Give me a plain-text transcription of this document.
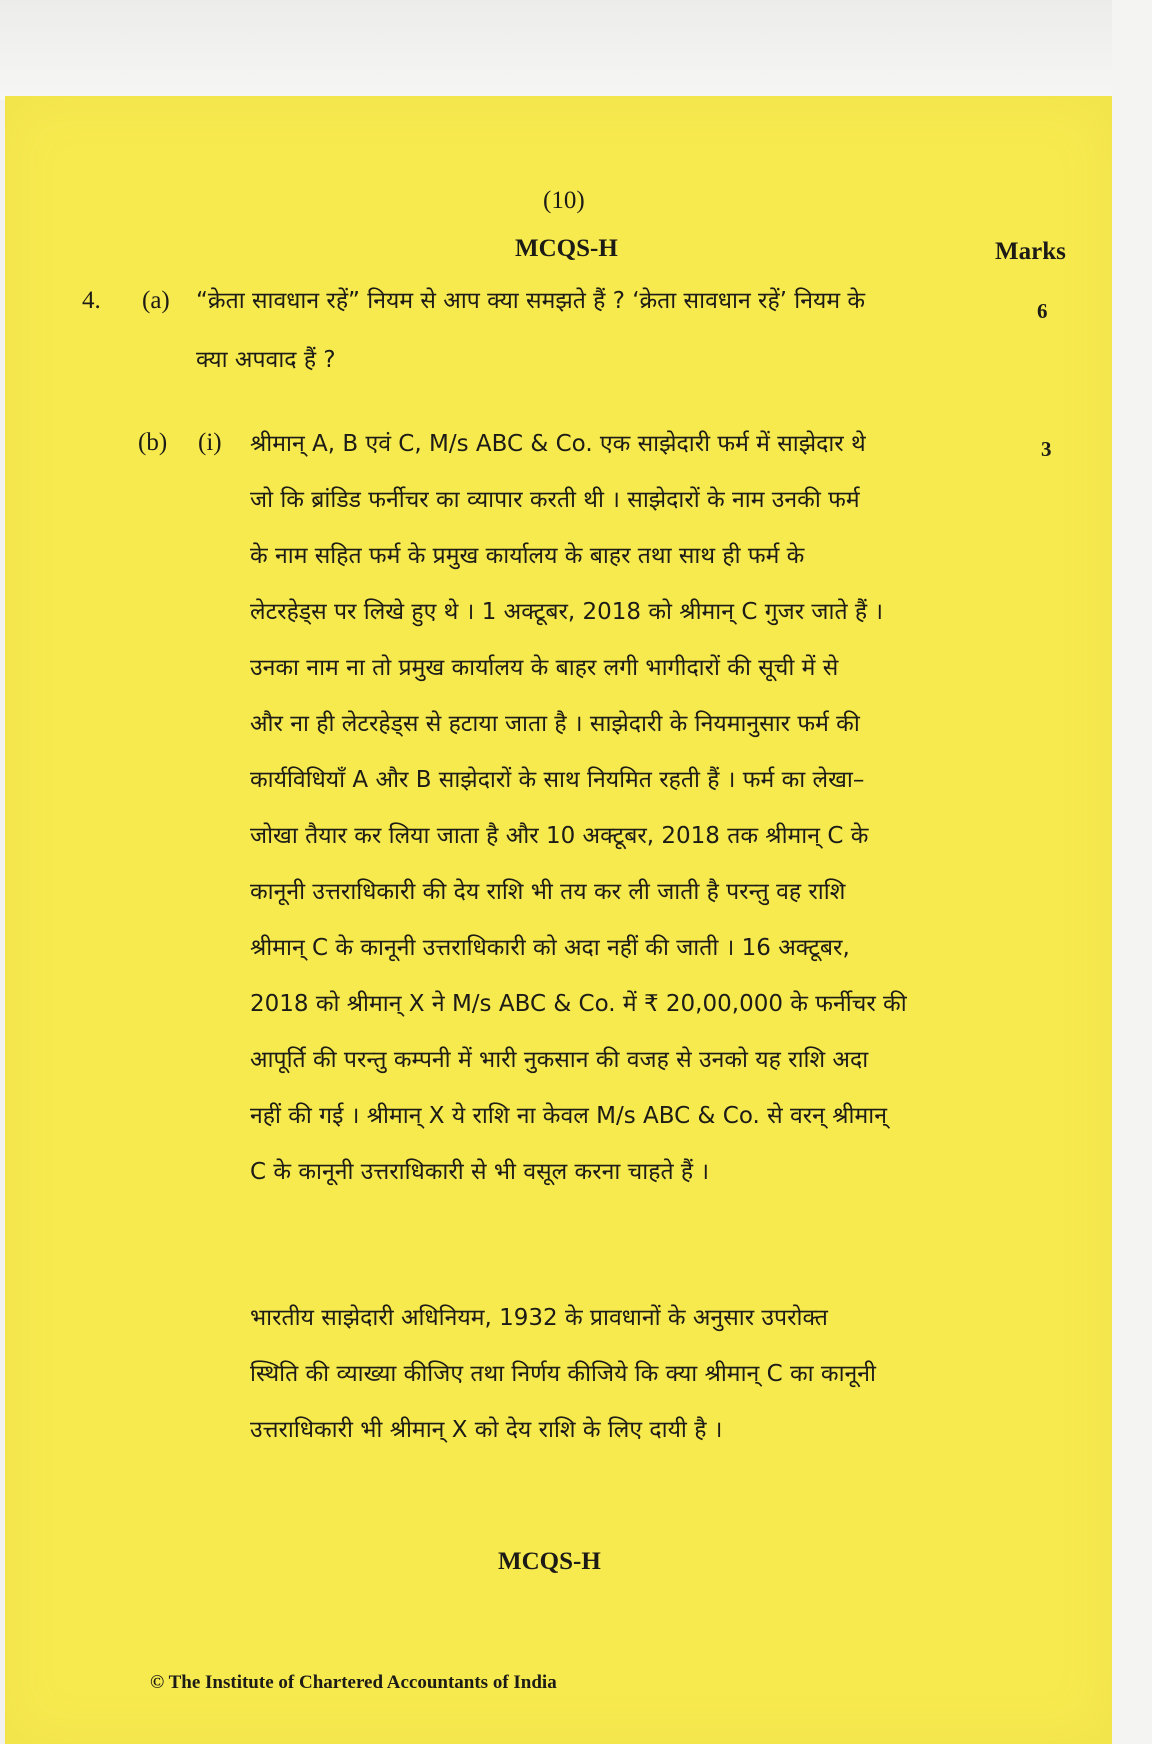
(10)
MCQS-H	Marks
4. (a)	6
“क्रेता सावधान रहें” नियम से आप क्या समझते हैं ? ‘क्रेता सावधान रहें’ नियम के
क्या अपवाद हैं ?
(b) (i)	3
श्रीमान् A, B एवं C, M/s ABC & Co. एक साझेदारी फर्म में साझेदार थे
जो कि ब्रांडिड फर्नीचर का व्यापार करती थी । साझेदारों के नाम उनकी फर्म
के नाम सहित फर्म के प्रमुख कार्यालय के बाहर तथा साथ ही फर्म के
लेटरहेड्स पर लिखे हुए थे । 1 अक्टूबर, 2018 को श्रीमान् C गुजर जाते हैं ।
उनका नाम ना तो प्रमुख कार्यालय के बाहर लगी भागीदारों की सूची में से
और ना ही लेटरहेड्स से हटाया जाता है । साझेदारी के नियमानुसार फर्म की
कार्यविधियाँ A और B साझेदारों के साथ नियमित रहती हैं । फर्म का लेखा–
जोखा तैयार कर लिया जाता है और 10 अक्टूबर, 2018 तक श्रीमान् C के
कानूनी उत्तराधिकारी की देय राशि भी तय कर ली जाती है परन्तु वह राशि
श्रीमान् C के कानूनी उत्तराधिकारी को अदा नहीं की जाती । 16 अक्टूबर,
2018 को श्रीमान् X ने M/s ABC & Co. में ₹ 20,00,000 के फर्नीचर की
आपूर्ति की परन्तु कम्पनी में भारी नुकसान की वजह से उनको यह राशि अदा
नहीं की गई । श्रीमान् X ये राशि ना केवल M/s ABC & Co. से वरन् श्रीमान्
C के कानूनी उत्तराधिकारी से भी वसूल करना चाहते हैं ।
भारतीय साझेदारी अधिनियम, 1932 के प्रावधानों के अनुसार उपरोक्त
स्थिति की व्याख्या कीजिए तथा निर्णय कीजिये कि क्या श्रीमान् C का कानूनी
उत्तराधिकारी भी श्रीमान् X को देय राशि के लिए दायी है ।
MCQS-H
© The Institute of Chartered Accountants of India
